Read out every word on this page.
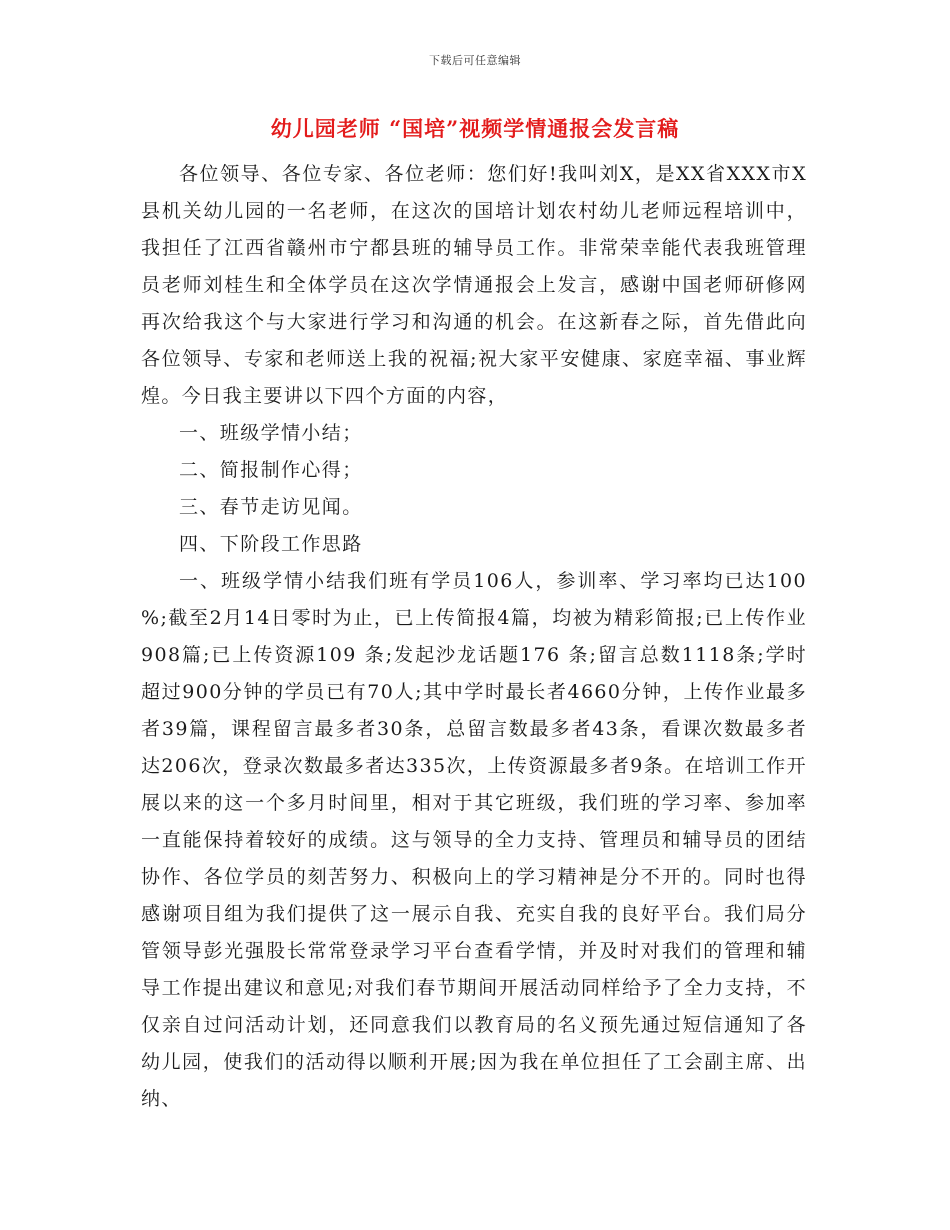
下载后可任意编辑
幼儿园老师 “国培”视频学情通报会发言稿

各位领导、各位专家、各位老师：您们好!我叫刘X，是XX省XXX市X县机关幼儿园的一名老师，在这次的国培计划农村幼儿老师远程培训中，我担任了江西省赣州市宁都县班的辅导员工作。非常荣幸能代表我班管理员老师刘桂生和全体学员在这次学情通报会上发言，感谢中国老师研修网再次给我这个与大家进行学习和沟通的机会。在这新春之际，首先借此向各位领导、专家和老师送上我的祝福;祝大家平安健康、家庭幸福、事业辉煌。今日我主要讲以下四个方面的内容，

一、班级学情小结；

二、简报制作心得；

三、春节走访见闻。

四、下阶段工作思路

一、班级学情小结我们班有学员106人，参训率、学习率均已达100 %;截至2月14日零时为止，已上传简报4篇，均被为精彩简报;已上传作业908篇;已上传资源109 条;发起沙龙话题176 条;留言总数1118条;学时超过900分钟的学员已有70人;其中学时最长者4660分钟，上传作业最多者39篇，课程留言最多者30条，总留言数最多者43条，看课次数最多者达206次，登录次数最多者达335次，上传资源最多者9条。在培训工作开展以来的这一个多月时间里，相对于其它班级，我们班的学习率、参加率一直能保持着较好的成绩。这与领导的全力支持、管理员和辅导员的团结协作、各位学员的刻苦努力、积极向上的学习精神是分不开的。同时也得感谢项目组为我们提供了这一展示自我、充实自我的良好平台。我们局分管领导彭光强股长常常登录学习平台查看学情，并及时对我们的管理和辅导工作提出建议和意见;对我们春节期间开展活动同样给予了全力支持，不仅亲自过问活动计划，还同意我们以教育局的名义预先通过短信通知了各幼儿园，使我们的活动得以顺利开展;因为我在单位担任了工会副主席、出纳、
